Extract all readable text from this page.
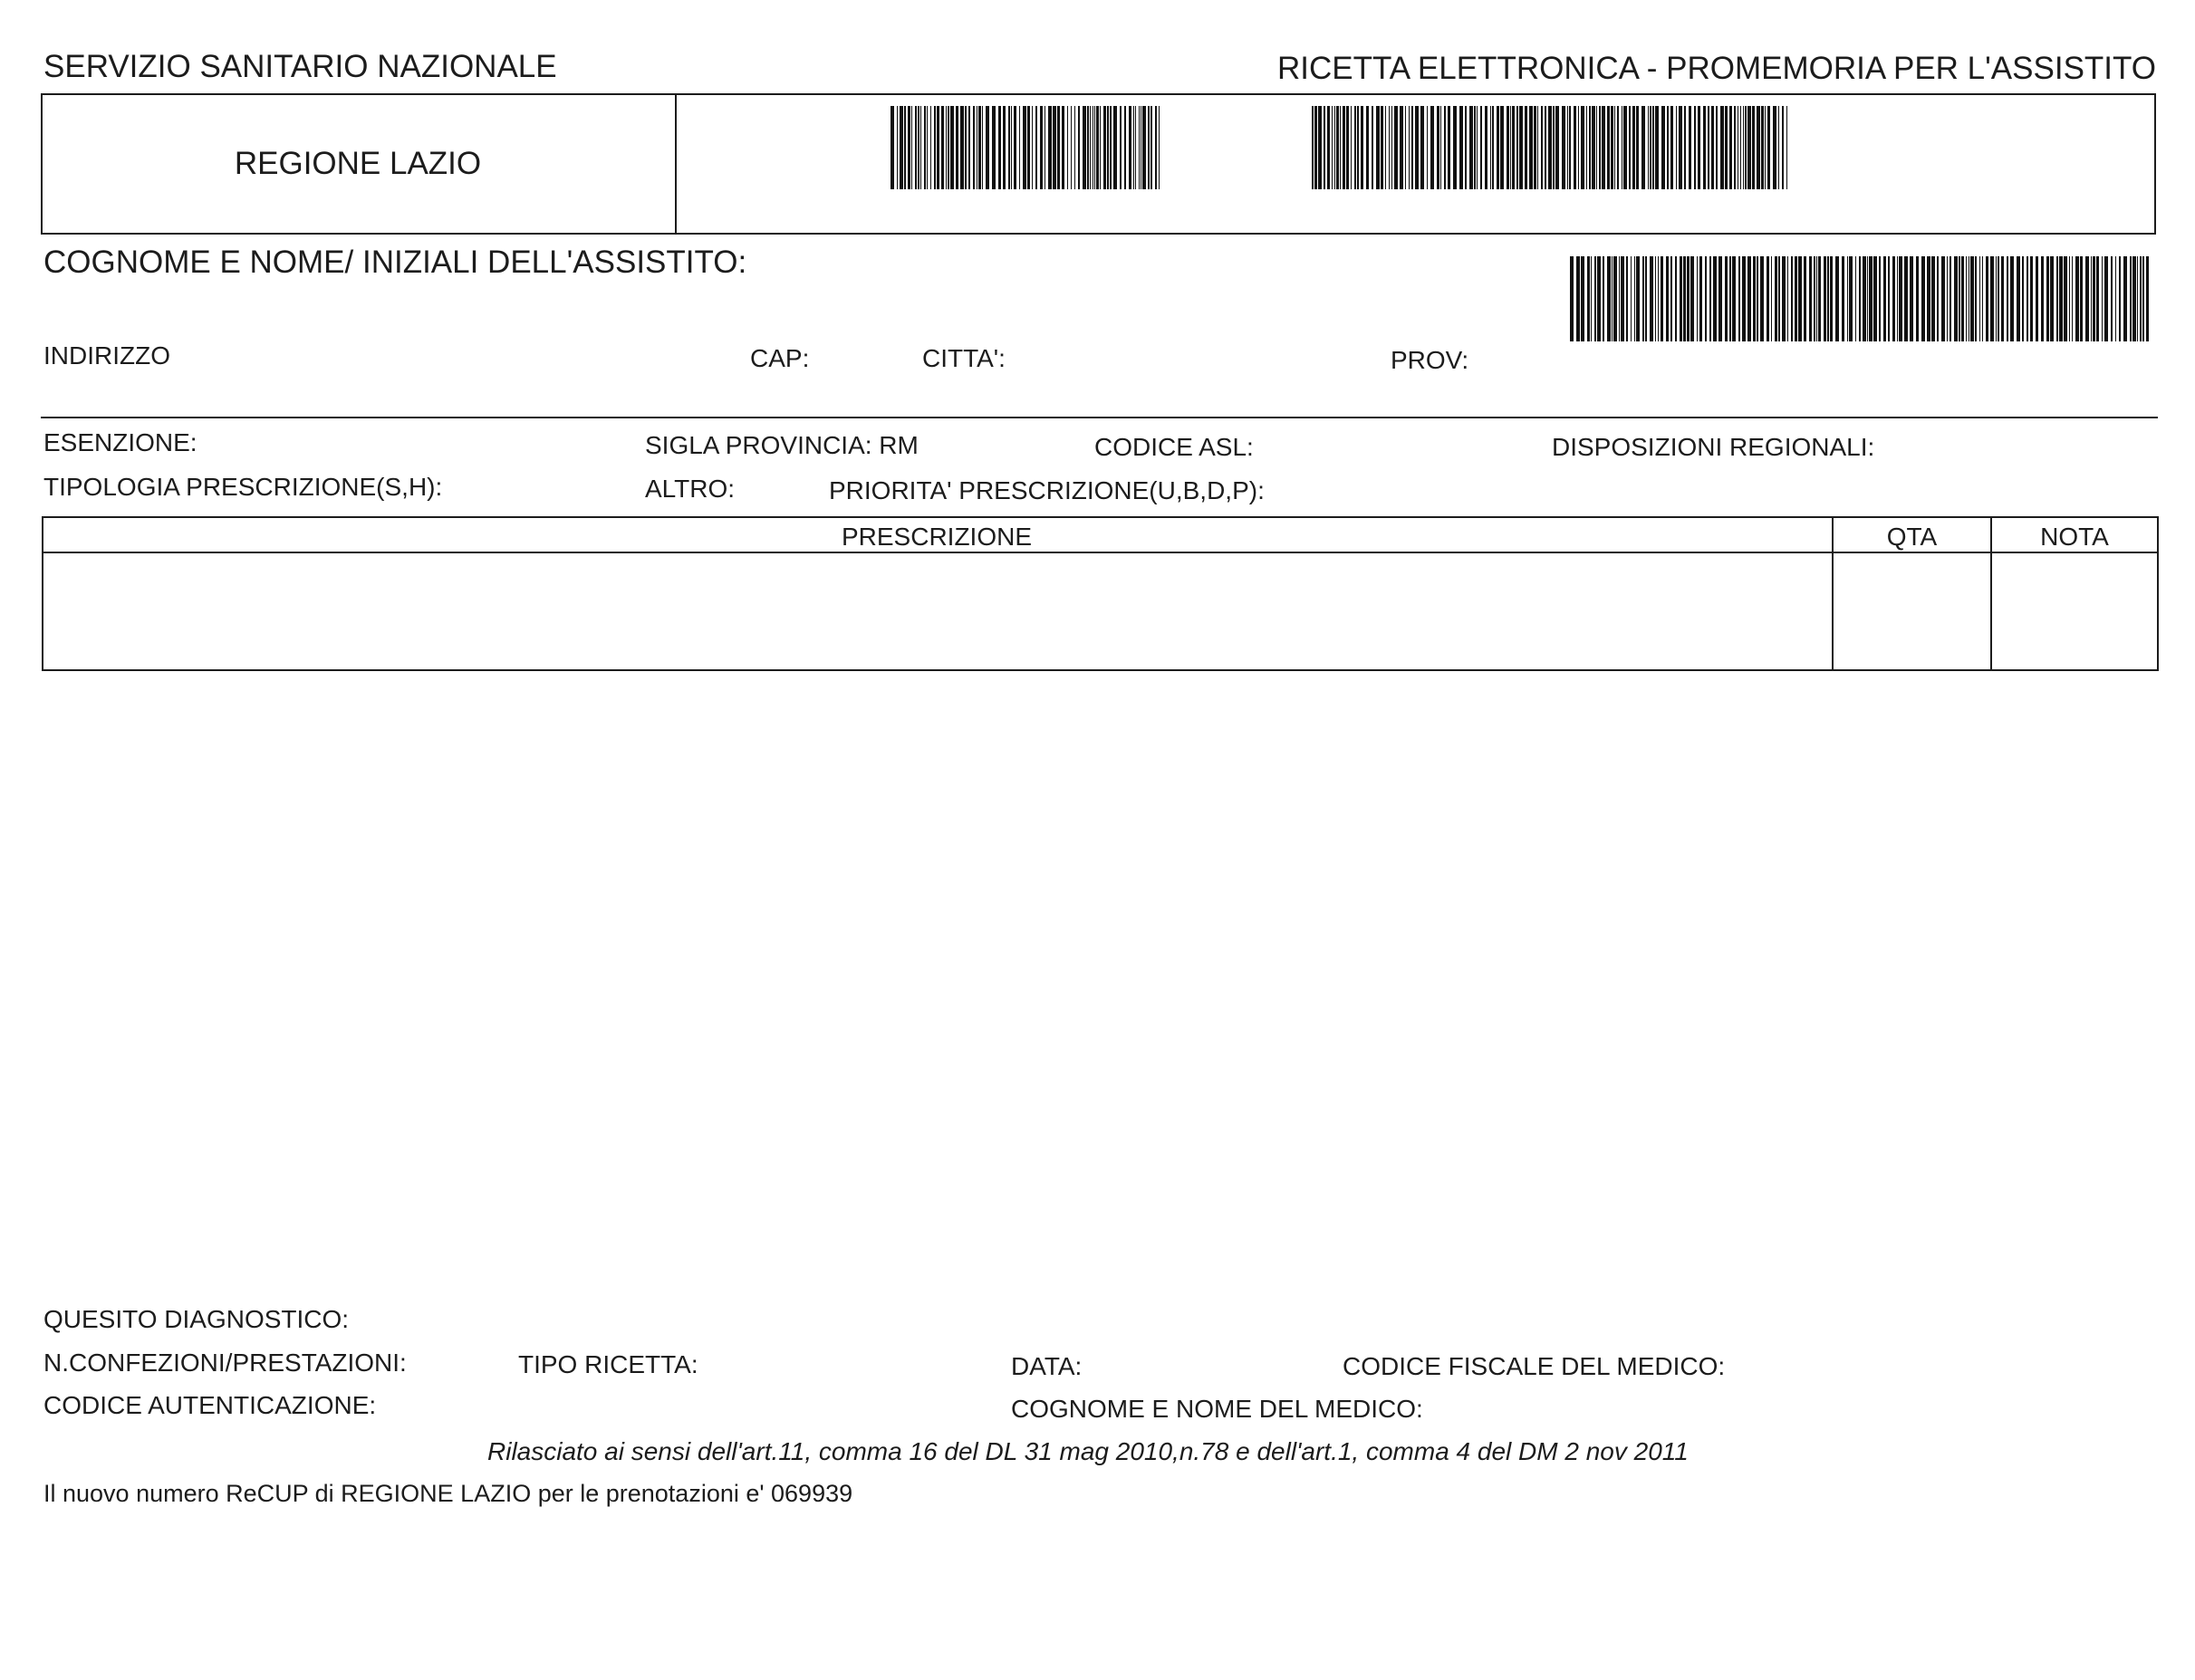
SERVIZIO SANITARIO NAZIONALE	RICETTA ELETTRONICA - PROMEMORIA PER L'ASSISTITO
REGIONE LAZIO
COGNOME E NOME/ INIZIALI DELL'ASSISTITO:
INDIRIZZO	CAP:	CITTA':	PROV:
ESENZIONE:	SIGLA PROVINCIA: RM	CODICE ASL:	DISPOSIZIONI REGIONALI:
TIPOLOGIA PRESCRIZIONE(S,H):	ALTRO:	PRIORITA' PRESCRIZIONE(U,B,D,P):
PRESCRIZIONE	QTA	NOTA
QUESITO DIAGNOSTICO:
N.CONFEZIONI/PRESTAZIONI:	TIPO RICETTA:	DATA:	CODICE FISCALE DEL MEDICO:
CODICE AUTENTICAZIONE:	COGNOME E NOME DEL MEDICO:
Rilasciato ai sensi dell'art.11, comma 16 del DL 31 mag 2010,n.78 e dell'art.1, comma 4 del DM 2 nov 2011
Il nuovo numero ReCUP di REGIONE LAZIO per le prenotazioni e' 069939
